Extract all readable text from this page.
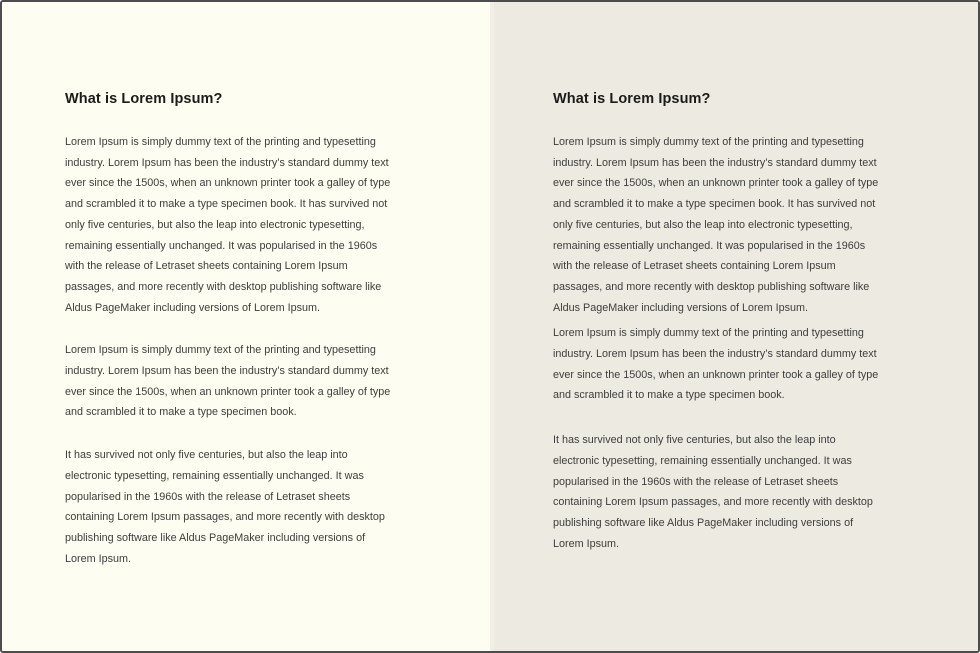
What is Lorem Ipsum?

Lorem Ipsum is simply dummy text of the printing and typesetting industry. Lorem Ipsum has been the industry’s standard dummy text ever since the 1500s, when an unknown printer took a galley of type and scrambled it to make a type specimen book. It has survived not only five centuries, but also the leap into electronic typesetting, remaining essentially unchanged. It was popularised in the 1960s with the release of Letraset sheets containing Lorem Ipsum passages, and more recently with desktop publishing software like Aldus PageMaker including versions of Lorem Ipsum.

Lorem Ipsum is simply dummy text of the printing and typesetting industry. Lorem Ipsum has been the industry’s standard dummy text ever since the 1500s, when an unknown printer took a galley of type and scrambled it to make a type specimen book.

It has survived not only five centuries, but also the leap into electronic typesetting, remaining essentially unchanged. It was popularised in the 1960s with the release of Letraset sheets containing Lorem Ipsum passages, and more recently with desktop publishing software like Aldus PageMaker including versions of Lorem Ipsum.

What is Lorem Ipsum?

Lorem Ipsum is simply dummy text of the printing and typesetting industry. Lorem Ipsum has been the industry’s standard dummy text ever since the 1500s, when an unknown printer took a galley of type and scrambled it to make a type specimen book. It has survived not only five centuries, but also the leap into electronic typesetting, remaining essentially unchanged. It was popularised in the 1960s with the release of Letraset sheets containing Lorem Ipsum passages, and more recently with desktop publishing software like Aldus PageMaker including versions of Lorem Ipsum.

Lorem Ipsum is simply dummy text of the printing and typesetting industry. Lorem Ipsum has been the industry’s standard dummy text ever since the 1500s, when an unknown printer took a galley of type and scrambled it to make a type specimen book.

It has survived not only five centuries, but also the leap into electronic typesetting, remaining essentially unchanged. It was popularised in the 1960s with the release of Letraset sheets containing Lorem Ipsum passages, and more recently with desktop publishing software like Aldus PageMaker including versions of Lorem Ipsum.
